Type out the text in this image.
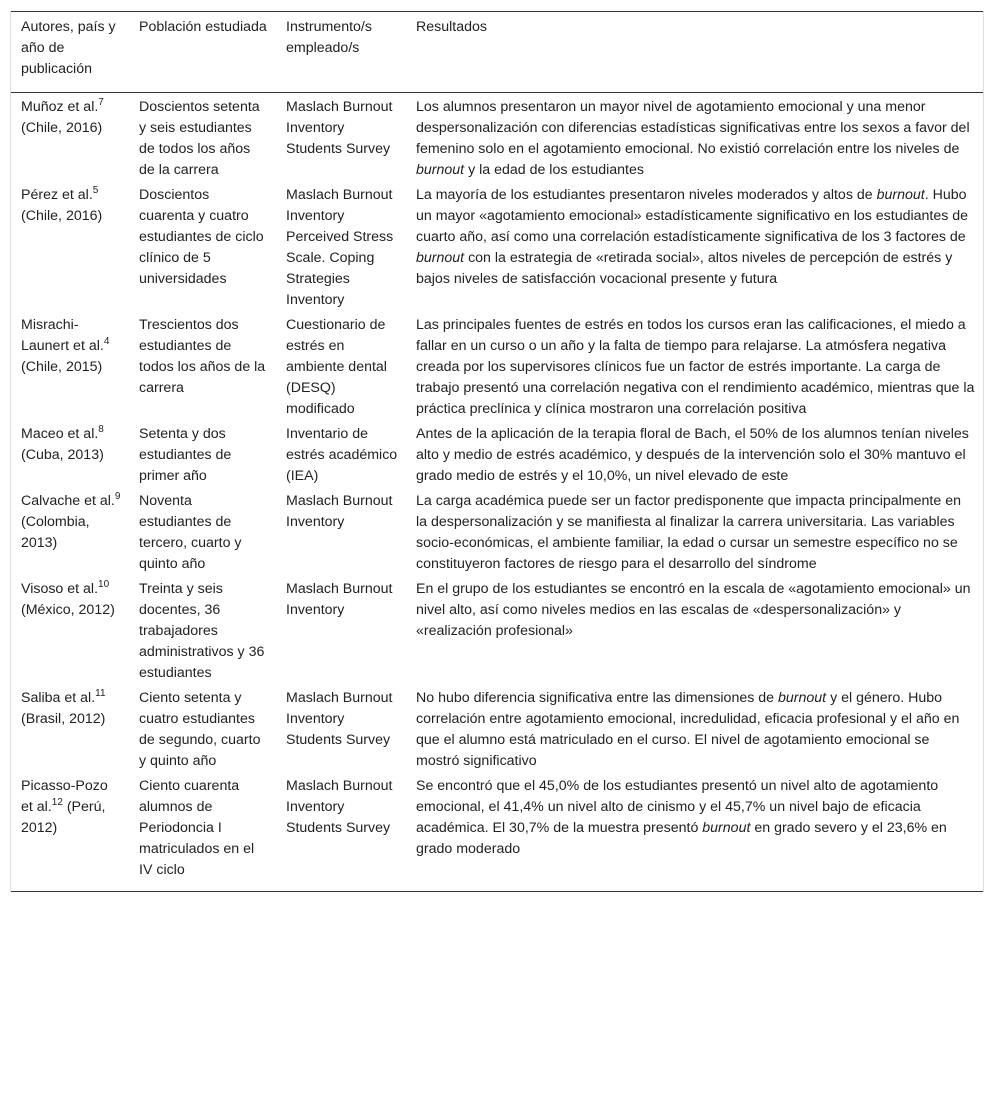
Autores, país y año de publicación	Población estudiada	Instrumento/s empleado/s	Resultados
Muñoz et al.$^7$ (Chile, 2016)	Doscientos setenta y seis estudiantes de todos los años de la carrera	Maslach Burnout Inventory Students Survey	Los alumnos presentaron un mayor nivel de agotamiento emocional y una menor despersonalización con diferencias estadísticas significativas entre los sexos a favor del femenino solo en el agotamiento emocional. No existió correlación entre los niveles de burnout y la edad de los estudiantes
Pérez et al.$^5$ (Chile, 2016)	Doscientos cuarenta y cuatro estudiantes de ciclo clínico de 5 universidades	Maslach Burnout Inventory Perceived Stress Scale. Coping Strategies Inventory	La mayoría de los estudiantes presentaron niveles moderados y altos de burnout. Hubo un mayor «agotamiento emocional» estadísticamente significativo en los estudiantes de cuarto año, así como una correlación estadísticamente significativa de los 3 factores de burnout con la estrategia de «retirada social», altos niveles de percepción de estrés y bajos niveles de satisfacción vocacional presente y futura
Misrachi-Launert et al.$^4$ (Chile, 2015)	Trescientos dos estudiantes de todos los años de la carrera	Cuestionario de estrés en ambiente dental (DESQ) modificado	Las principales fuentes de estrés en todos los cursos eran las calificaciones, el miedo a fallar en un curso o un año y la falta de tiempo para relajarse. La atmósfera negativa creada por los supervisores clínicos fue un factor de estrés importante. La carga de trabajo presentó una correlación negativa con el rendimiento académico, mientras que la práctica preclínica y clínica mostraron una correlación positiva
Maceo et al.$^8$ (Cuba, 2013)	Setenta y dos estudiantes de primer año	Inventario de estrés académico (IEA)	Antes de la aplicación de la terapia floral de Bach, el 50% de los alumnos tenían niveles alto y medio de estrés académico, y después de la intervención solo el 30% mantuvo el grado medio de estrés y el 10,0%, un nivel elevado de este
Calvache et al.$^9$ (Colombia, 2013)	Noventa estudiantes de tercero, cuarto y quinto año	Maslach Burnout Inventory	La carga académica puede ser un factor predisponente que impacta principalmente en la despersonalización y se manifiesta al finalizar la carrera universitaria. Las variables socio-económicas, el ambiente familiar, la edad o cursar un semestre específico no se constituyeron factores de riesgo para el desarrollo del síndrome
Visoso et al.$^{10}$ (México, 2012)	Treinta y seis docentes, 36 trabajadores administrativos y 36 estudiantes	Maslach Burnout Inventory	En el grupo de los estudiantes se encontró en la escala de «agotamiento emocional» un nivel alto, así como niveles medios en las escalas de «despersonalización» y «realización profesional»
Saliba et al.$^{11}$ (Brasil, 2012)	Ciento setenta y cuatro estudiantes de segundo, cuarto y quinto año	Maslach Burnout Inventory Students Survey	No hubo diferencia significativa entre las dimensiones de burnout y el género. Hubo correlación entre agotamiento emocional, incredulidad, eficacia profesional y el año en que el alumno está matriculado en el curso. El nivel de agotamiento emocional se mostró significativo
Picasso-Pozo et al.$^{12}$ (Perú, 2012)	Ciento cuarenta alumnos de Periodoncia I matriculados en el IV ciclo	Maslach Burnout Inventory Students Survey	Se encontró que el 45,0% de los estudiantes presentó un nivel alto de agotamiento emocional, el 41,4% un nivel alto de cinismo y el 45,7% un nivel bajo de eficacia académica. El 30,7% de la muestra presentó burnout en grado severo y el 23,6% en grado moderado
